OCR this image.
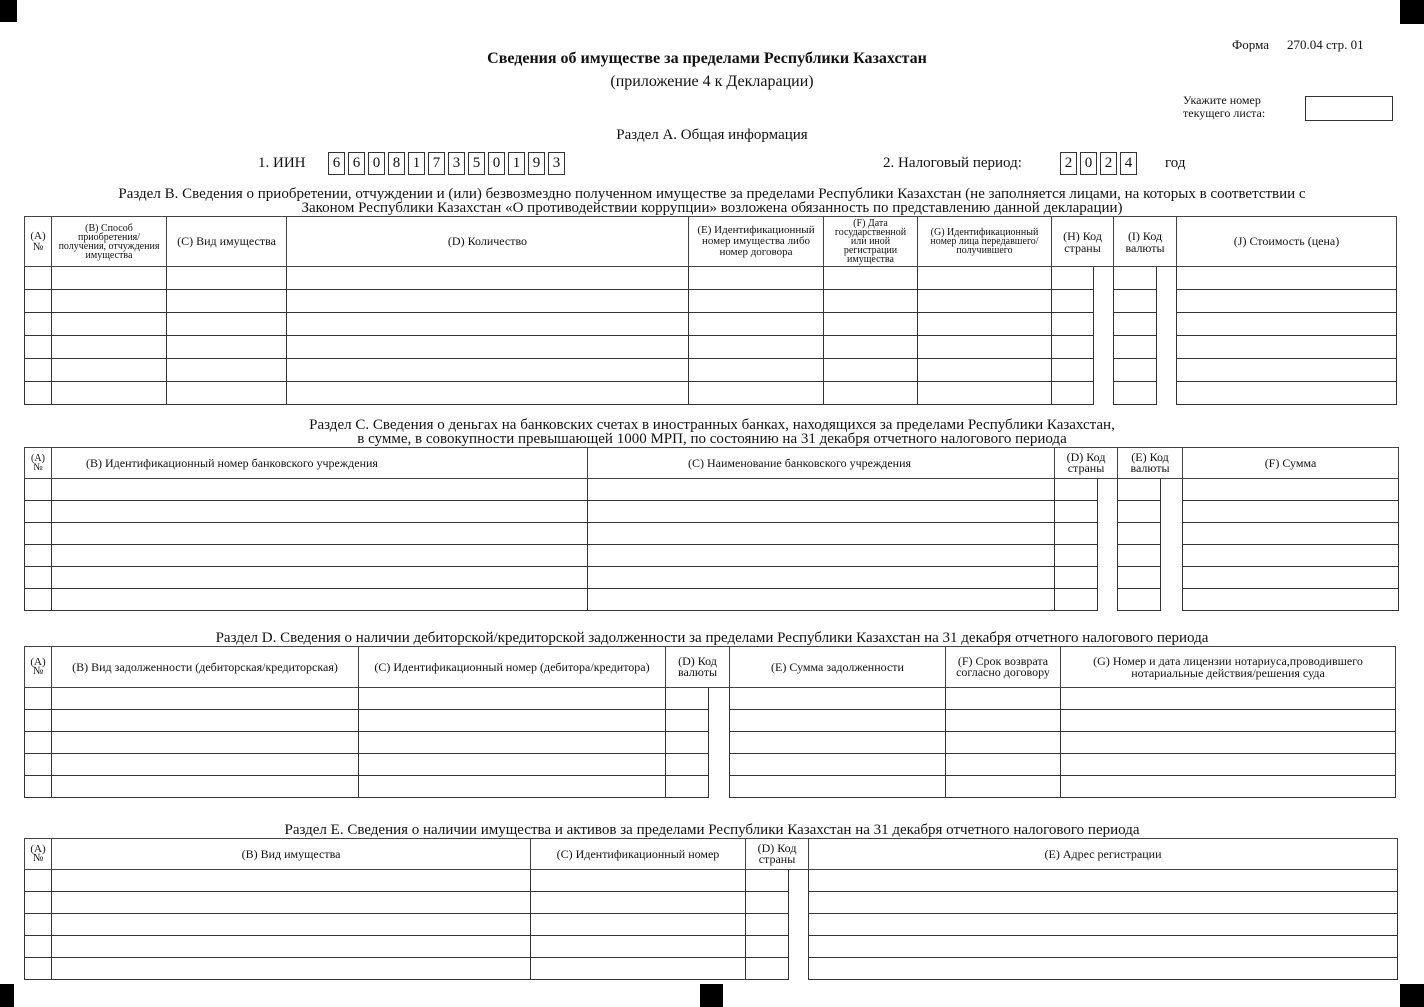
Сведения об имуществе за пределами Республики Казахстан
(приложение 4 к Декларации)
Форма 270.04 стр. 01
Укажите номер
текущего листа:
Раздел А. Общая информация
1. ИИН	6 6 0 8 1 7 3 5 0 1 9 3	2. Налоговый период:	2 0 2 4	год
Раздел B. Сведения о приобретении, отчуждении и (или) безвозмездно полученном имуществе за пределами Республики Казахстан (не заполняется лицами, на которых в соответствии с
Законом Республики Казахстан «О противодействии коррупции» возложена обязанность по представлению данной декларации)
(A) №	(B) Способ приобретения/ получения, отчуждения имущества	(C) Вид имущества	(D) Количество	(E) Идентификационный номер имущества либо номер договора	(F) Дата государственной или иной регистрации имущества	(G) Идентификационный номер лица передавшего/ получившего	(H) Код страны		(I) Код валюты		(J) Стоимость (цена)

Раздел C. Сведения о деньгах на банковских счетах в иностранных банках, находящихся за пределами Республики Казахстан,
в сумме, в совокупности превышающей 1000 МРП, по состоянию на 31 декабря отчетного налогового периода
(A) №	(B) Идентификационный номер банковского учреждения	(C) Наименование банковского учреждения	(D) Код страны		(E) Код валюты		(F) Сумма

Раздел D. Сведения о наличии дебиторской/кредиторской задолженности за пределами Республики Казахстан на 31 декабря отчетного налогового периода
(A) №	(B) Вид задолженности (дебиторская/кредиторская)	(C) Идентификационный номер (дебитора/кредитора)	(D) Код валюты		(E) Сумма задолженности	(F) Срок возврата согласно договору	(G) Номер и дата лицензии нотариуса,проводившего нотариальные действия/решения суда

Раздел E. Сведения о наличии имущества и активов за пределами Республики Казахстан на 31 декабря отчетного налогового периода
(A) №	(B) Вид имущества	(C) Идентификационный номер	(D) Код страны		(E) Адрес регистрации
